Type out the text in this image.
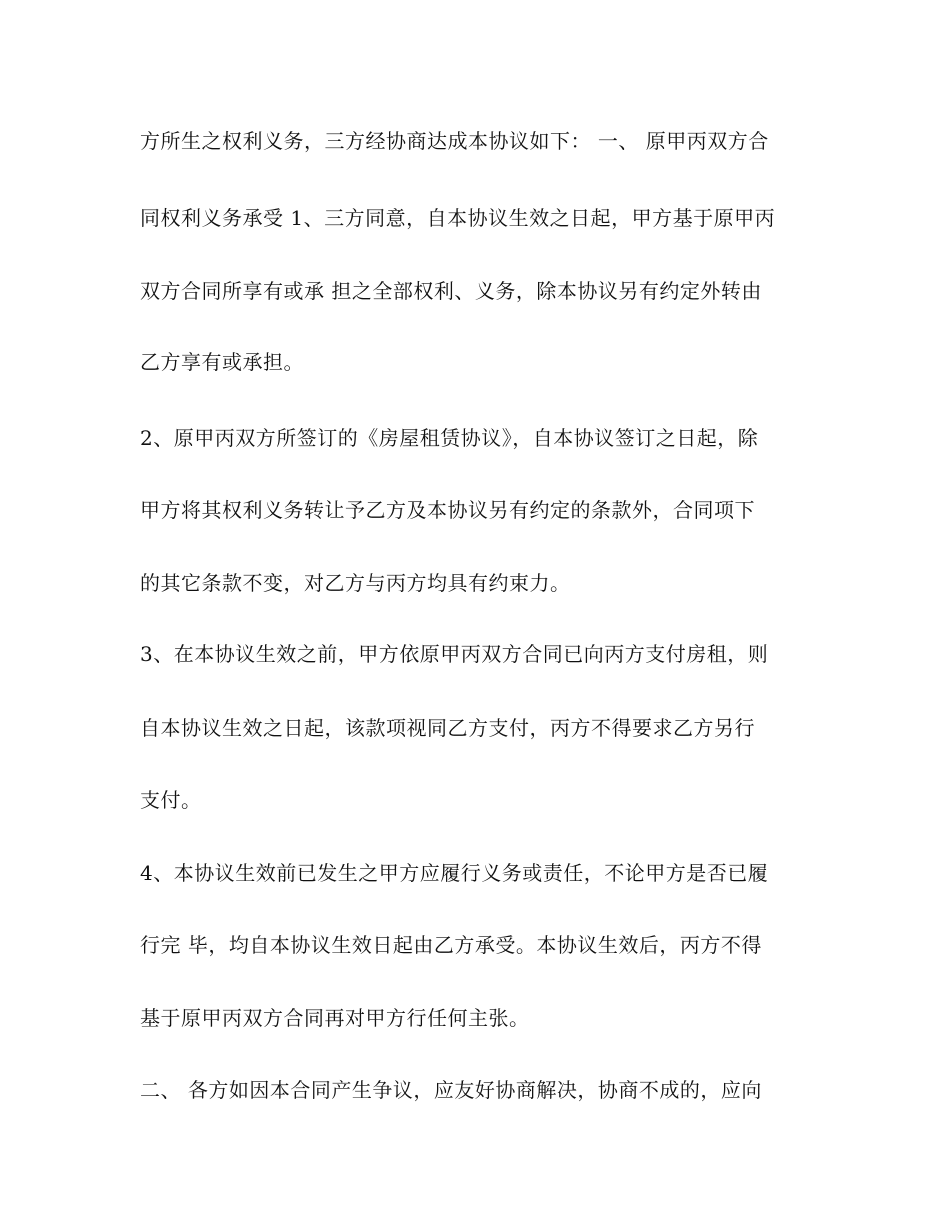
方所生之权利义务，三方经协商达成本协议如下： 一、 原甲丙双方合
同权利义务承受 1、三方同意，自本协议生效之日起，甲方基于原甲丙
双方合同所享有或承 担之全部权利、义务，除本协议另有约定外转由
乙方享有或承担。
2、原甲丙双方所签订的《房屋租赁协议》，自本协议签订之日起，除
甲方将其权利义务转让予乙方及本协议另有约定的条款外，合同项下
的其它条款不变，对乙方与丙方均具有约束力。
3、在本协议生效之前，甲方依原甲丙双方合同已向丙方支付房租，则
自本协议生效之日起，该款项视同乙方支付，丙方不得要求乙方另行
支付。
4、本协议生效前已发生之甲方应履行义务或责任，不论甲方是否已履
行完 毕，均自本协议生效日起由乙方承受。本协议生效后，丙方不得
基于原甲丙双方合同再对甲方行任何主张。
二、 各方如因本合同产生争议，应友好协商解决，协商不成的，应向
